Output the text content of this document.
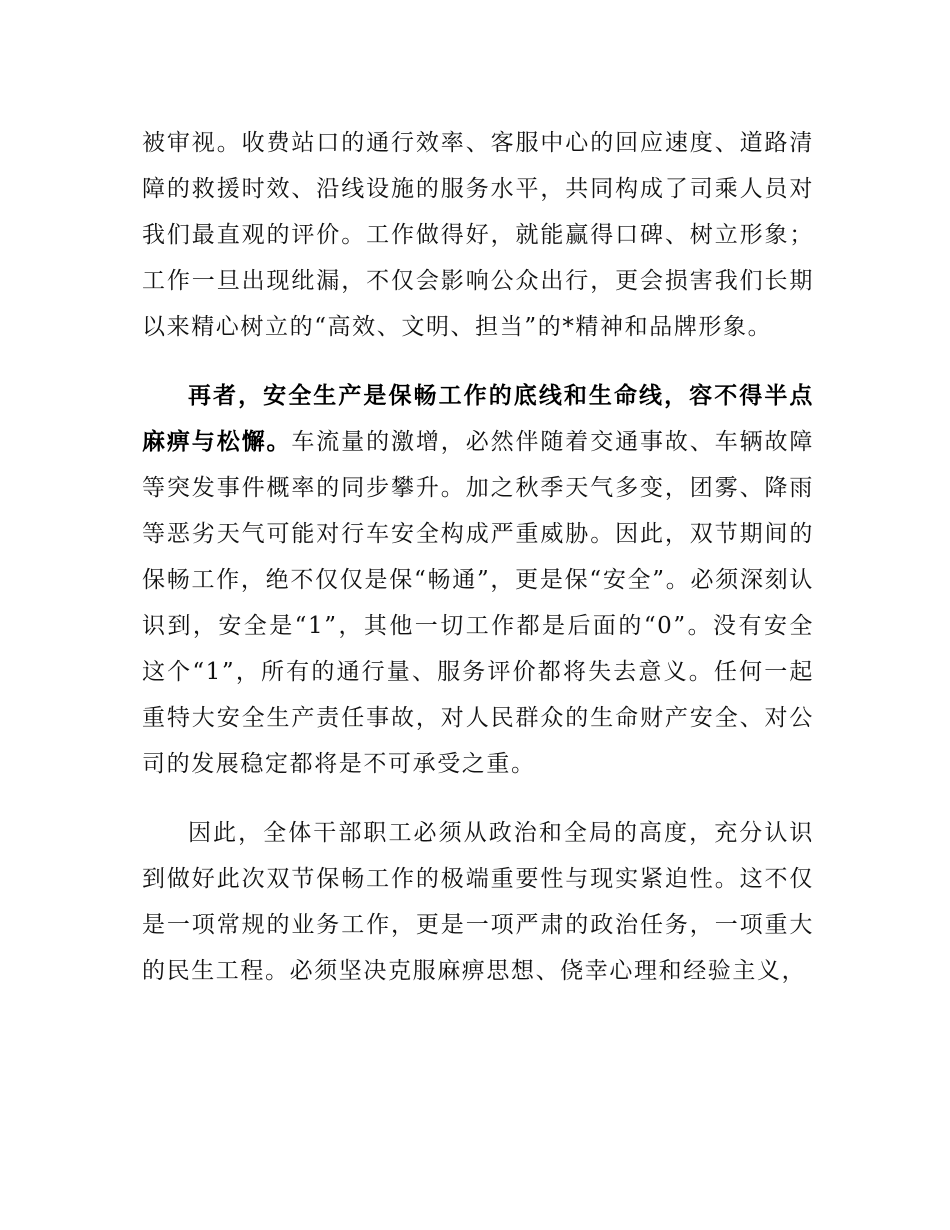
被审视。收费站口的通行效率、客服中心的回应速度、道路清障的救援时效、沿线设施的服务水平，共同构成了司乘人员对我们最直观的评价。工作做得好，就能赢得口碑、树立形象；工作一旦出现纰漏，不仅会影响公众出行，更会损害我们长期以来精心树立的“高效、文明、担当”的*精神和品牌形象。

再者，安全生产是保畅工作的底线和生命线，容不得半点麻痹与松懈。车流量的激增，必然伴随着交通事故、车辆故障等突发事件概率的同步攀升。加之秋季天气多变，团雾、降雨等恶劣天气可能对行车安全构成严重威胁。因此，双节期间的保畅工作，绝不仅仅是保“畅通”，更是保“安全”。必须深刻认识到，安全是“1”，其他一切工作都是后面的“0”。没有安全这个“1”，所有的通行量、服务评价都将失去意义。任何一起重特大安全生产责任事故，对人民群众的生命财产安全、对公司的发展稳定都将是不可承受之重。

因此，全体干部职工必须从政治和全局的高度，充分认识到做好此次双节保畅工作的极端重要性与现实紧迫性。这不仅是一项常规的业务工作，更是一项严肃的政治任务，一项重大的民生工程。必须坚决克服麻痹思想、侥幸心理和经验主义，
